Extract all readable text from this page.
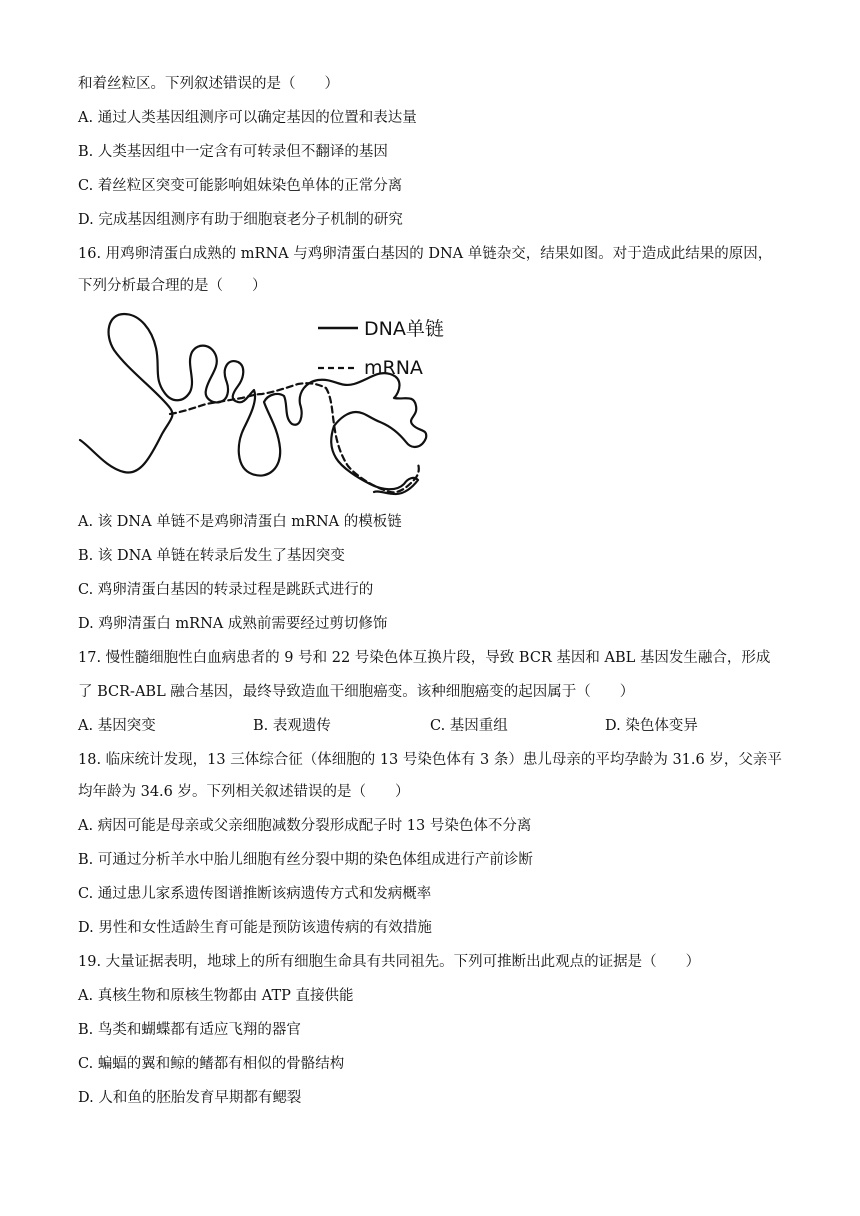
和着丝粒区。下列叙述错误的是（　　）
A. 通过人类基因组测序可以确定基因的位置和表达量
B. 人类基因组中一定含有可转录但不翻译的基因
C. 着丝粒区突变可能影响姐妹染色单体的正常分离
D. 完成基因组测序有助于细胞衰老分子机制的研究
16. 用鸡卵清蛋白成熟的 mRNA 与鸡卵清蛋白基因的 DNA 单链杂交，结果如图。对于造成此结果的原因，
下列分析最合理的是（　　）
DNA单链
mRNA
A. 该 DNA 单链不是鸡卵清蛋白 mRNA 的模板链
B. 该 DNA 单链在转录后发生了基因突变
C. 鸡卵清蛋白基因的转录过程是跳跃式进行的
D. 鸡卵清蛋白 mRNA 成熟前需要经过剪切修饰
17. 慢性髓细胞性白血病患者的 9 号和 22 号染色体互换片段，导致 BCR 基因和 ABL 基因发生融合，形成
了 BCR-ABL 融合基因，最终导致造血干细胞癌变。该种细胞癌变的起因属于（　　）
A. 基因突变	B. 表观遗传	C. 基因重组	D. 染色体变异
18. 临床统计发现，13 三体综合征（体细胞的 13 号染色体有 3 条）患儿母亲的平均孕龄为 31.6 岁，父亲平
均年龄为 34.6 岁。下列相关叙述错误的是（　　）
A. 病因可能是母亲或父亲细胞减数分裂形成配子时 13 号染色体不分离
B. 可通过分析羊水中胎儿细胞有丝分裂中期的染色体组成进行产前诊断
C. 通过患儿家系遗传图谱推断该病遗传方式和发病概率
D. 男性和女性适龄生育可能是预防该遗传病的有效措施
19. 大量证据表明，地球上的所有细胞生命具有共同祖先。下列可推断出此观点的证据是（　　）
A. 真核生物和原核生物都由 ATP 直接供能
B. 鸟类和蝴蝶都有适应飞翔的器官
C. 蝙蝠的翼和鲸的鳍都有相似的骨骼结构
D. 人和鱼的胚胎发育早期都有鳃裂
